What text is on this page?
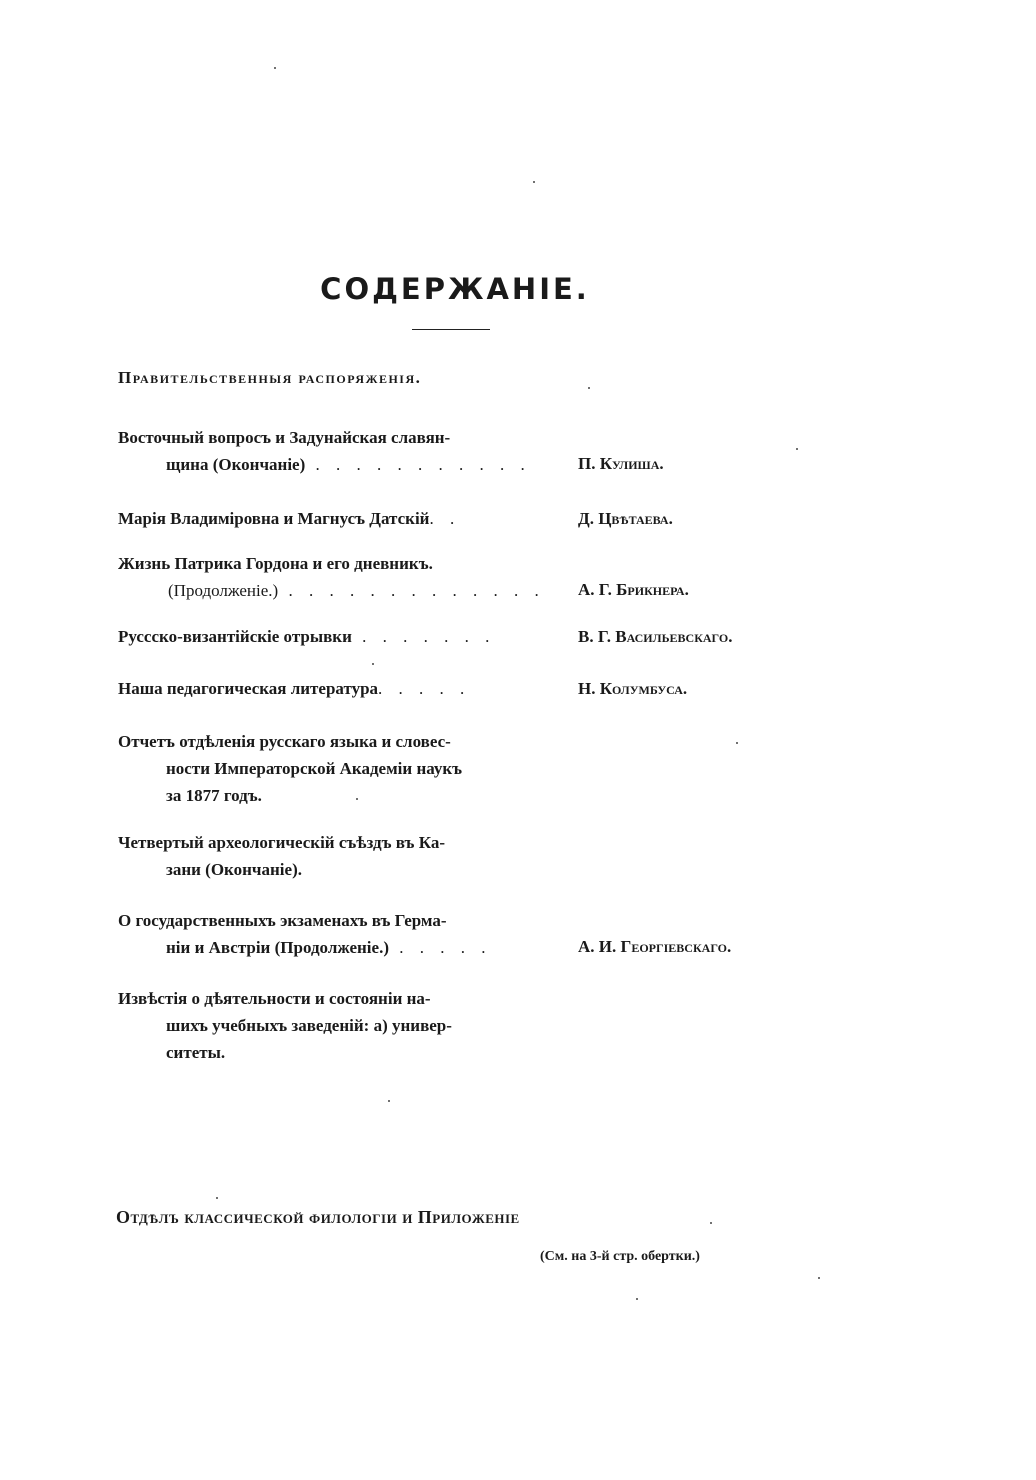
СОДЕРЖАНІЕ.
Правительственныя распоряженія.
Восточный вопросъ и Задунайская славян-
щина (Окончаніе) . . . . . . . . . . .	П. Кулиша.
Марія Владиміровна и Магнусъ Датскій. .	Д. Цвѣтаева.
Жизнь Патрика Гордона и его дневникъ.
(Продолженіе.) . . . . . . . . . . . . .	А. Г. Брикнера.
Руссско-византійскіе отрывки . . . . . . .	В. Г. Васильевскаго.
Наша педагогическая литература. . . . .	Н. Колумбуса.
Отчетъ отдѣленія русскаго языка и словес-
ности Императорской Академіи наукъ
за 1877 годъ.
Четвертый археологическій съѣздъ въ Ка-
зани (Окончаніе).
О государственныхъ экзаменахъ въ Герма-
ніи и Австріи (Продолженіе.) . . . . .	А. И. Георгіевскаго.
Извѣстія о дѣятельности и состояніи на-
шихъ учебныхъ заведеній: а) универ-
ситеты.
Отдѣлъ классической филологіи и Приложеніе
(См. на 3-й стр. обертки.)
